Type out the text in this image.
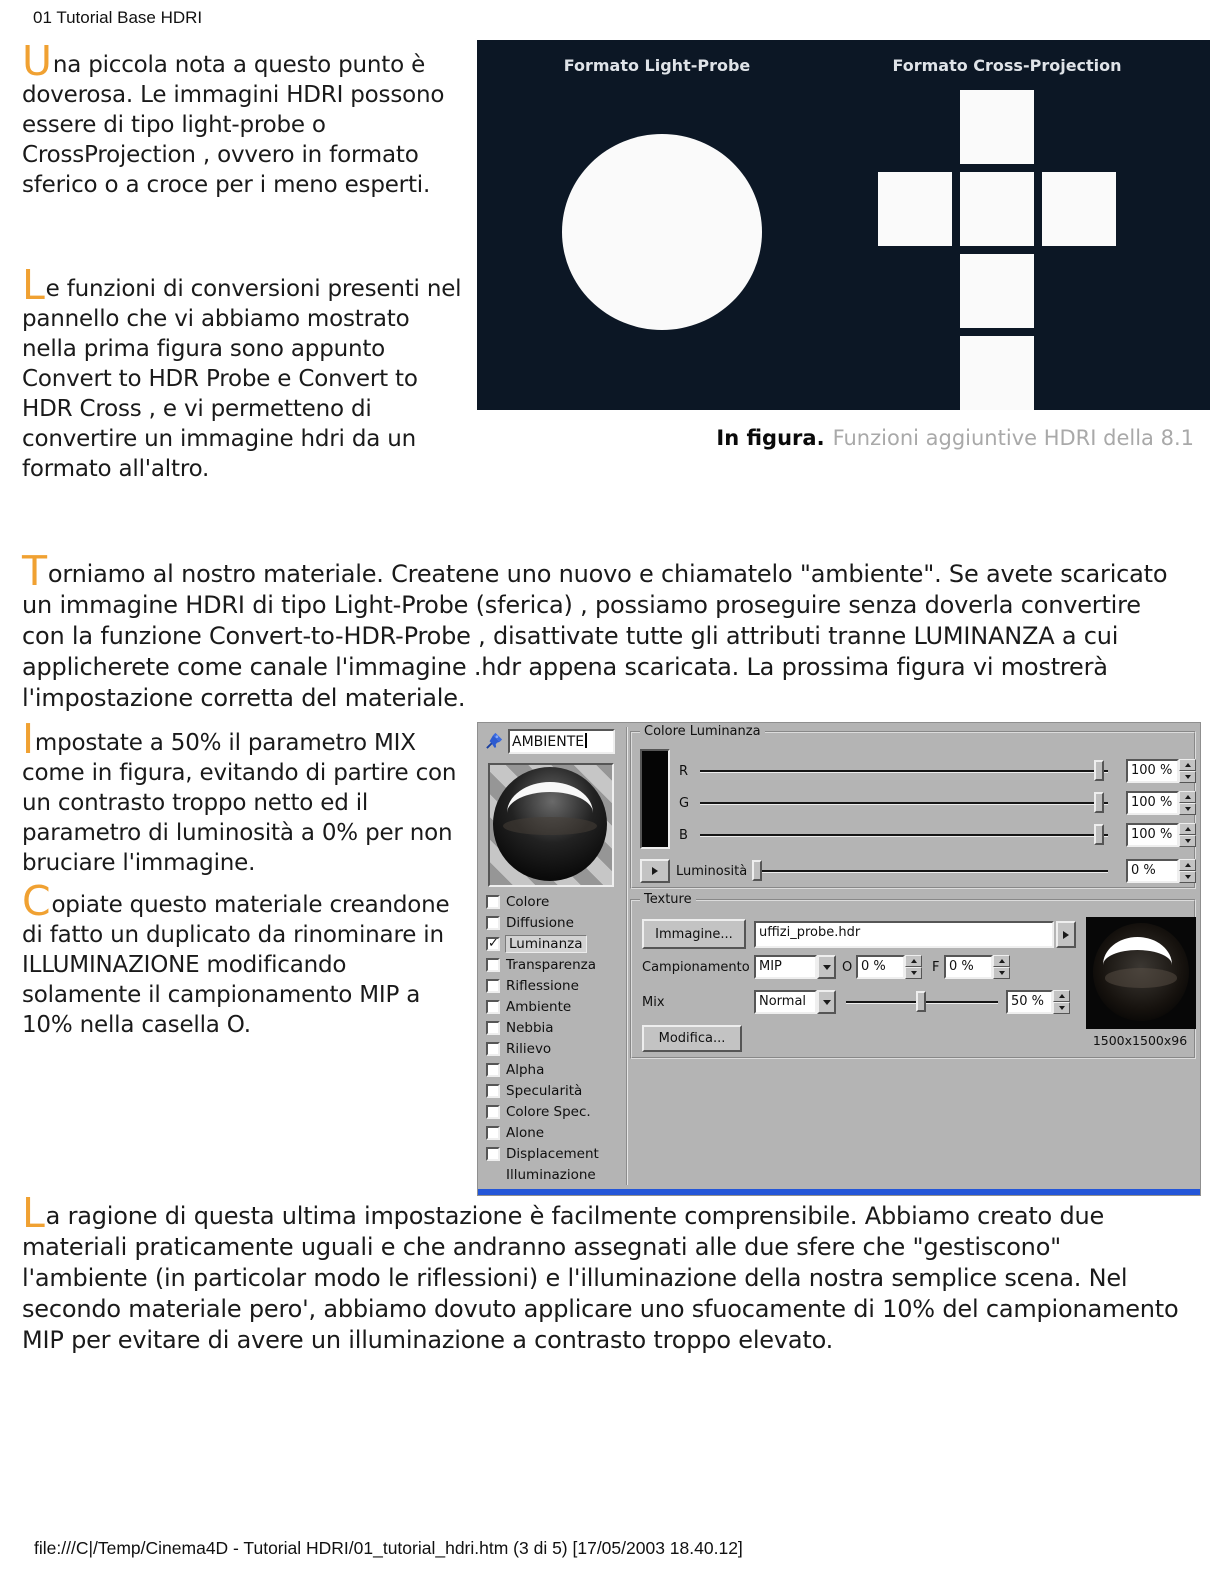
01 Tutorial Base HDRI

Una piccola nota a questo punto è doverosa. Le immagini HDRI possono essere di tipo light-probe o CrossProjection , ovvero in formato sferico o a croce per i meno esperti.

Le funzioni di conversioni presenti nel pannello che vi abbiamo mostrato nella prima figura sono appunto Convert to HDR Probe e Convert to HDR Cross , e vi permetteno di convertire un immagine hdri da un formato all'altro.

Formato Light-Probe	Formato Cross-Projection
In figura. Funzioni aggiuntive HDRI della 8.1

Torniamo al nostro materiale. Createne uno nuovo e chiamatelo "ambiente". Se avete scaricato un immagine HDRI di tipo Light-Probe (sferica) , possiamo proseguire senza doverla convertire con la funzione Convert-to-HDR-Probe , disattivate tutte gli attributi tranne LUMINANZA a cui applicherete come canale l'immagine .hdr appena scaricata. La prossima figura vi mostrerà l'impostazione corretta del materiale.

Impostate a 50% il parametro MIX come in figura, evitando di partire con un contrasto troppo netto ed il parametro di luminosità a 0% per non bruciare l'immagine.

Copiate questo materiale creandone di fatto un duplicato da rinominare in ILLUMINAZIONE modificando solamente il campionamento MIP a 10% nella casella O.

AMBIENTE
Colore
Diffusione
✓ Luminanza
Transparenza
Riflessione
Ambiente
Nebbia
Rilievo
Alpha
Specularità
Colore Spec.
Alone
Displacement
Illuminazione
Colore Luminanza
R	100 %
G	100 %
B	100 %
Luminosità	0 %
Texture
Immagine...	uffizi_probe.hdr
1500x1500x96
Campionamento MIP	O 0 %	F 0 %
Mix	Normal	50 %
Modifica...

La ragione di questa ultima impostazione è facilmente comprensibile. Abbiamo creato due materiali praticamente uguali e che andranno assegnati alle due sfere che "gestiscono" l'ambiente (in particolar modo le riflessioni) e l'illuminazione della nostra semplice scena. Nel secondo materiale pero', abbiamo dovuto applicare uno sfuocamente di 10% del campionamento MIP per evitare di avere un illuminazione a contrasto troppo elevato.

file:///C|/Temp/Cinema4D - Tutorial HDRI/01_tutorial_hdri.htm (3 di 5) [17/05/2003 18.40.12]
